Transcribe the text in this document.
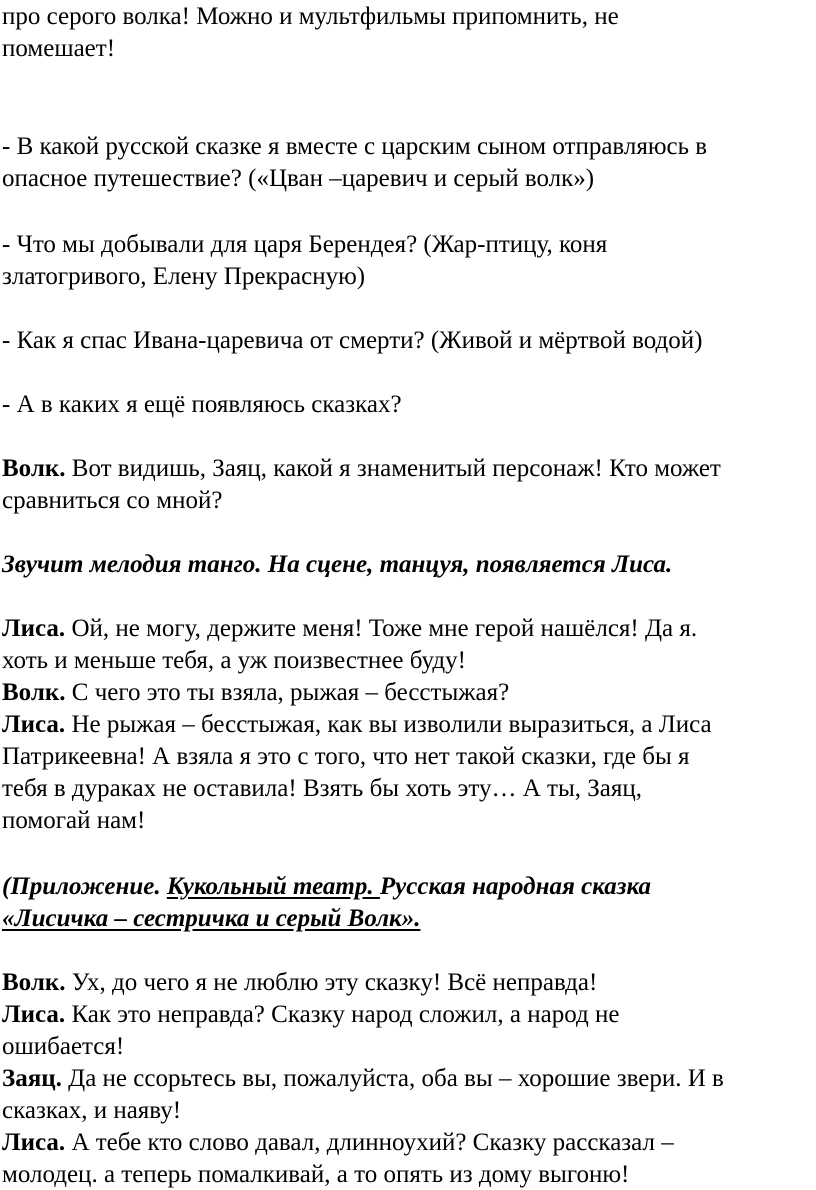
про серого волка! Можно и мультфильмы припомнить, не
помешает!
- В какой русской сказке я вместе с царским сыном отправляюсь в
опасное путешествие? («Цван –царевич и серый волк»)
- Что мы добывали для царя Берендея? (Жар-птицу, коня
златогривого, Елену Прекрасную)
- Как я спас Ивана-царевича от смерти? (Живой и мёртвой водой)
- А в каких я ещё появляюсь сказках?
Волк. Вот видишь, Заяц, какой я знаменитый персонаж! Кто может
сравниться со мной?
Звучит мелодия танго. На сцене, танцуя, появляется Лиса.
Лиса. Ой, не могу, держите меня! Тоже мне герой нашёлся! Да я.
хоть и меньше тебя, а уж поизвестнее буду!
Волк. С чего это ты взяла, рыжая – бесстыжая?
Лиса. Не рыжая – бесстыжая, как вы изволили выразиться, а Лиса
Патрикеевна! А взяла я это с того, что нет такой сказки, где бы я
тебя в дураках не оставила! Взять бы хоть эту… А ты, Заяц,
помогай нам!
(Приложение. Кукольный театр. Русская народная сказка
«Лисичка – сестричка и серый Волк».
Волк. Ух, до чего я не люблю эту сказку! Всё неправда!
Лиса. Как это неправда? Сказку народ сложил, а народ не
ошибается!
Заяц. Да не ссорьтесь вы, пожалуйста, оба вы – хорошие звери. И в
сказках, и наяву!
Лиса. А тебе кто слово давал, длинноухий? Сказку рассказал –
молодец. а теперь помалкивай, а то опять из дому выгоню!
